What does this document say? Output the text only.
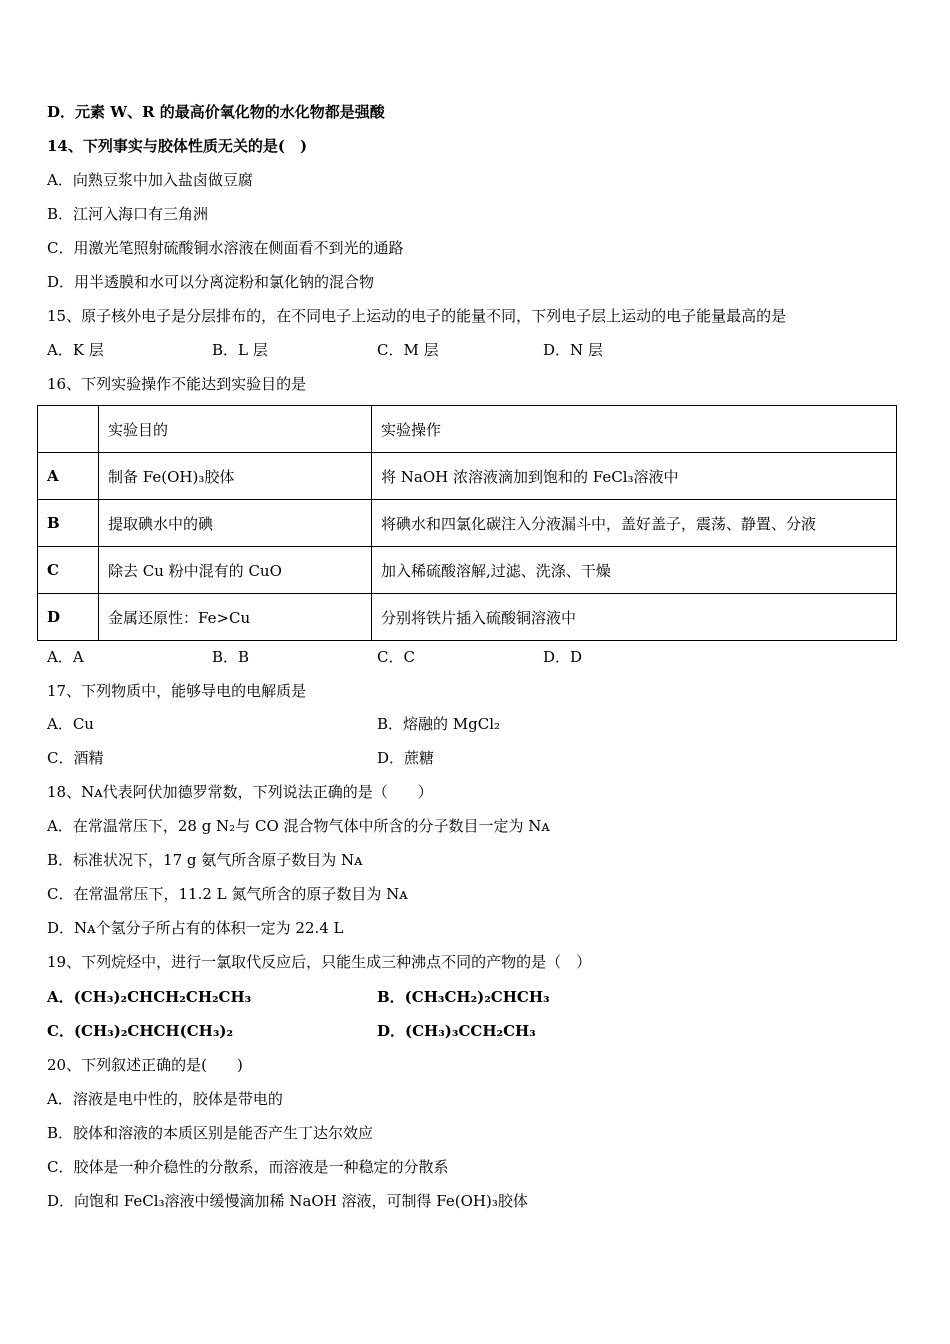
D．元素 W、R 的最高价氧化物的水化物都是强酸
14、下列事实与胶体性质无关的是(　)
A．向熟豆浆中加入盐卤做豆腐
B．江河入海口有三角洲
C．用激光笔照射硫酸铜水溶液在侧面看不到光的通路
D．用半透膜和水可以分离淀粉和氯化钠的混合物
15、原子核外电子是分层排布的，在不同电子上运动的电子的能量不同，下列电子层上运动的电子能量最高的是
A．K 层	B．L 层	C．M 层	D．N 层
16、下列实验操作不能达到实验目的是
	实验目的	实验操作
A	制备 Fe(OH)₃胶体	将 NaOH 浓溶液滴加到饱和的 FeCl₃溶液中
B	提取碘水中的碘	将碘水和四氯化碳注入分液漏斗中，盖好盖子，震荡、静置、分液
C	除去 Cu 粉中混有的 CuO	加入稀硫酸溶解,过滤、洗涤、干燥
D	金属还原性：Fe>Cu	分别将铁片插入硫酸铜溶液中
A．A	B．B	C．C	D．D
17、下列物质中，能够导电的电解质是
A．Cu	B．熔融的 MgCl₂
C．酒精	D．蔗糖
18、Nᴀ代表阿伏加德罗常数，下列说法正确的是（　　）
A．在常温常压下，28 g N₂与 CO 混合物气体中所含的分子数目一定为 Nᴀ
B．标准状况下，17 g 氨气所含原子数目为 Nᴀ
C．在常温常压下，11.2 L 氮气所含的原子数目为 Nᴀ
D．Nᴀ个氢分子所占有的体积一定为 22.4 L
19、下列烷烃中，进行一氯取代反应后，只能生成三种沸点不同的产物的是（　）
A．(CH₃)₂CHCH₂CH₂CH₃	B．(CH₃CH₂)₂CHCH₃
C．(CH₃)₂CHCH(CH₃)₂	D．(CH₃)₃CCH₂CH₃
20、下列叙述正确的是(　　)
A．溶液是电中性的，胶体是带电的
B．胶体和溶液的本质区别是能否产生丁达尔效应
C．胶体是一种介稳性的分散系，而溶液是一种稳定的分散系
D．向饱和 FeCl₃溶液中缓慢滴加稀 NaOH 溶液，可制得 Fe(OH)₃胶体
